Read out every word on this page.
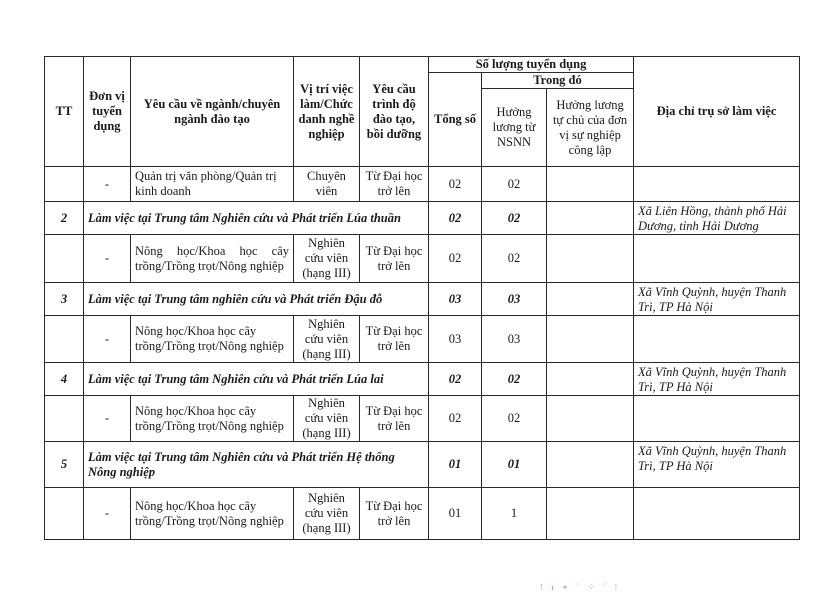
TT	Đơn vị tuyển dụng	Yêu cầu về ngành/chuyên ngành đào tạo	Vị trí việc làm/Chức danh nghề nghiệp	Yêu cầu trình độ đào tạo, bồi dưỡng	Số lượng tuyển dụng			Địa chỉ trụ sở làm việc
					Tổng số	Trong đó		
						Hưởng lương từ NSNN	Hưởng lương tự chủ của đơn vị sự nghiệp công lập	
	-	Quản trị văn phòng/Quản trị kinh doanh	Chuyên viên	Từ Đại học trở lên	02	02		
2	Làm việc tại Trung tâm Nghiên cứu và Phát triển Lúa thuần				02	02		Xã Liên Hồng, thành phố Hải Dương, tỉnh Hải Dương
	-	Nông học/Khoa học cây trồng/Trồng trọt/Nông nghiệp	Nghiên cứu viên (hạng III)	Từ Đại học trở lên	02	02		
3	Làm việc tại Trung tâm nghiên cứu và Phát triển Đậu đỗ				03	03		Xã Vĩnh Quỳnh, huyện Thanh Trì, TP Hà Nội
	-	Nông học/Khoa học cây trồng/Trồng trọt/Nông nghiệp	Nghiên cứu viên (hạng III)	Từ Đại học trở lên	03	03		
4	Làm việc tại Trung tâm Nghiên cứu và Phát triển Lúa lai				02	02		Xã Vĩnh Quỳnh, huyện Thanh Trì, TP Hà Nội
	-	Nông học/Khoa học cây trồng/Trồng trọt/Nông nghiệp	Nghiên cứu viên (hạng III)	Từ Đại học trở lên	02	02		
5	Làm việc tại Trung tâm Nghiên cứu và Phát triển Hệ thống Nông nghiệp				01	01		Xã Vĩnh Quỳnh, huyện Thanh Trì, TP Hà Nội
	-	Nông học/Khoa học cây trồng/Trồng trọt/Nông nghiệp	Nghiên cứu viên (hạng III)	Từ Đại học trở lên	01	1		
⁝ ı ∗ ˙ ⁘ ˊ ⁝
